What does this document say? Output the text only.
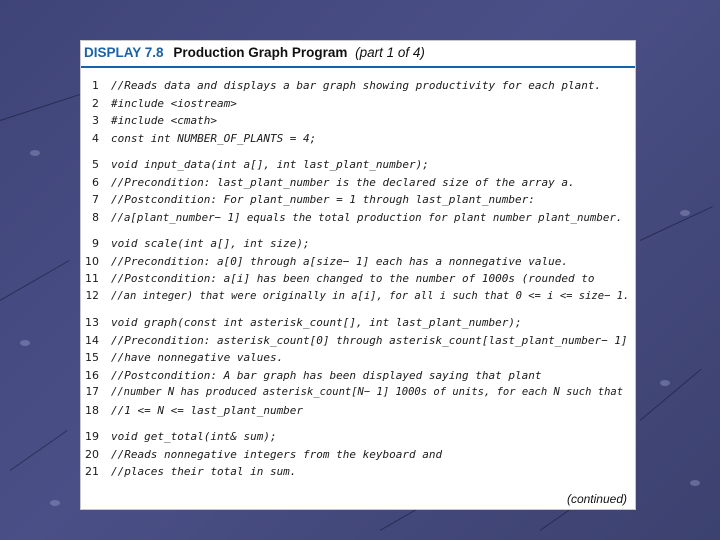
DISPLAY 7.8 Production Graph Program (part 1 of 4)
1 //Reads data and displays a bar graph showing productivity for each plant.
2 #include <iostream>
3 #include <cmath>
4 const int NUMBER_OF_PLANTS = 4;
5 void input_data(int a[], int last_plant_number);
6 //Precondition: last_plant_number is the declared size of the array a.
7 //Postcondition: For plant_number = 1 through last_plant_number:
8 //a[plant_number− 1] equals the total production for plant number plant_number.
9 void scale(int a[], int size);
10 //Precondition: a[0] through a[size− 1] each has a nonnegative value.
11 //Postcondition: a[i] has been changed to the number of 1000s (rounded to
12 //an integer) that were originally in a[i], for all i such that 0 <= i <= size− 1.
13 void graph(const int asterisk_count[], int last_plant_number);
14 //Precondition: asterisk_count[0] through asterisk_count[last_plant_number− 1]
15 //have nonnegative values.
16 //Postcondition: A bar graph has been displayed saying that plant
17 //number N has produced asterisk_count[N− 1] 1000s of units, for each N such that
18 //1 <= N <= last_plant_number
19 void get_total(int& sum);
20 //Reads nonnegative integers from the keyboard and
21 //places their total in sum.
(continued)
